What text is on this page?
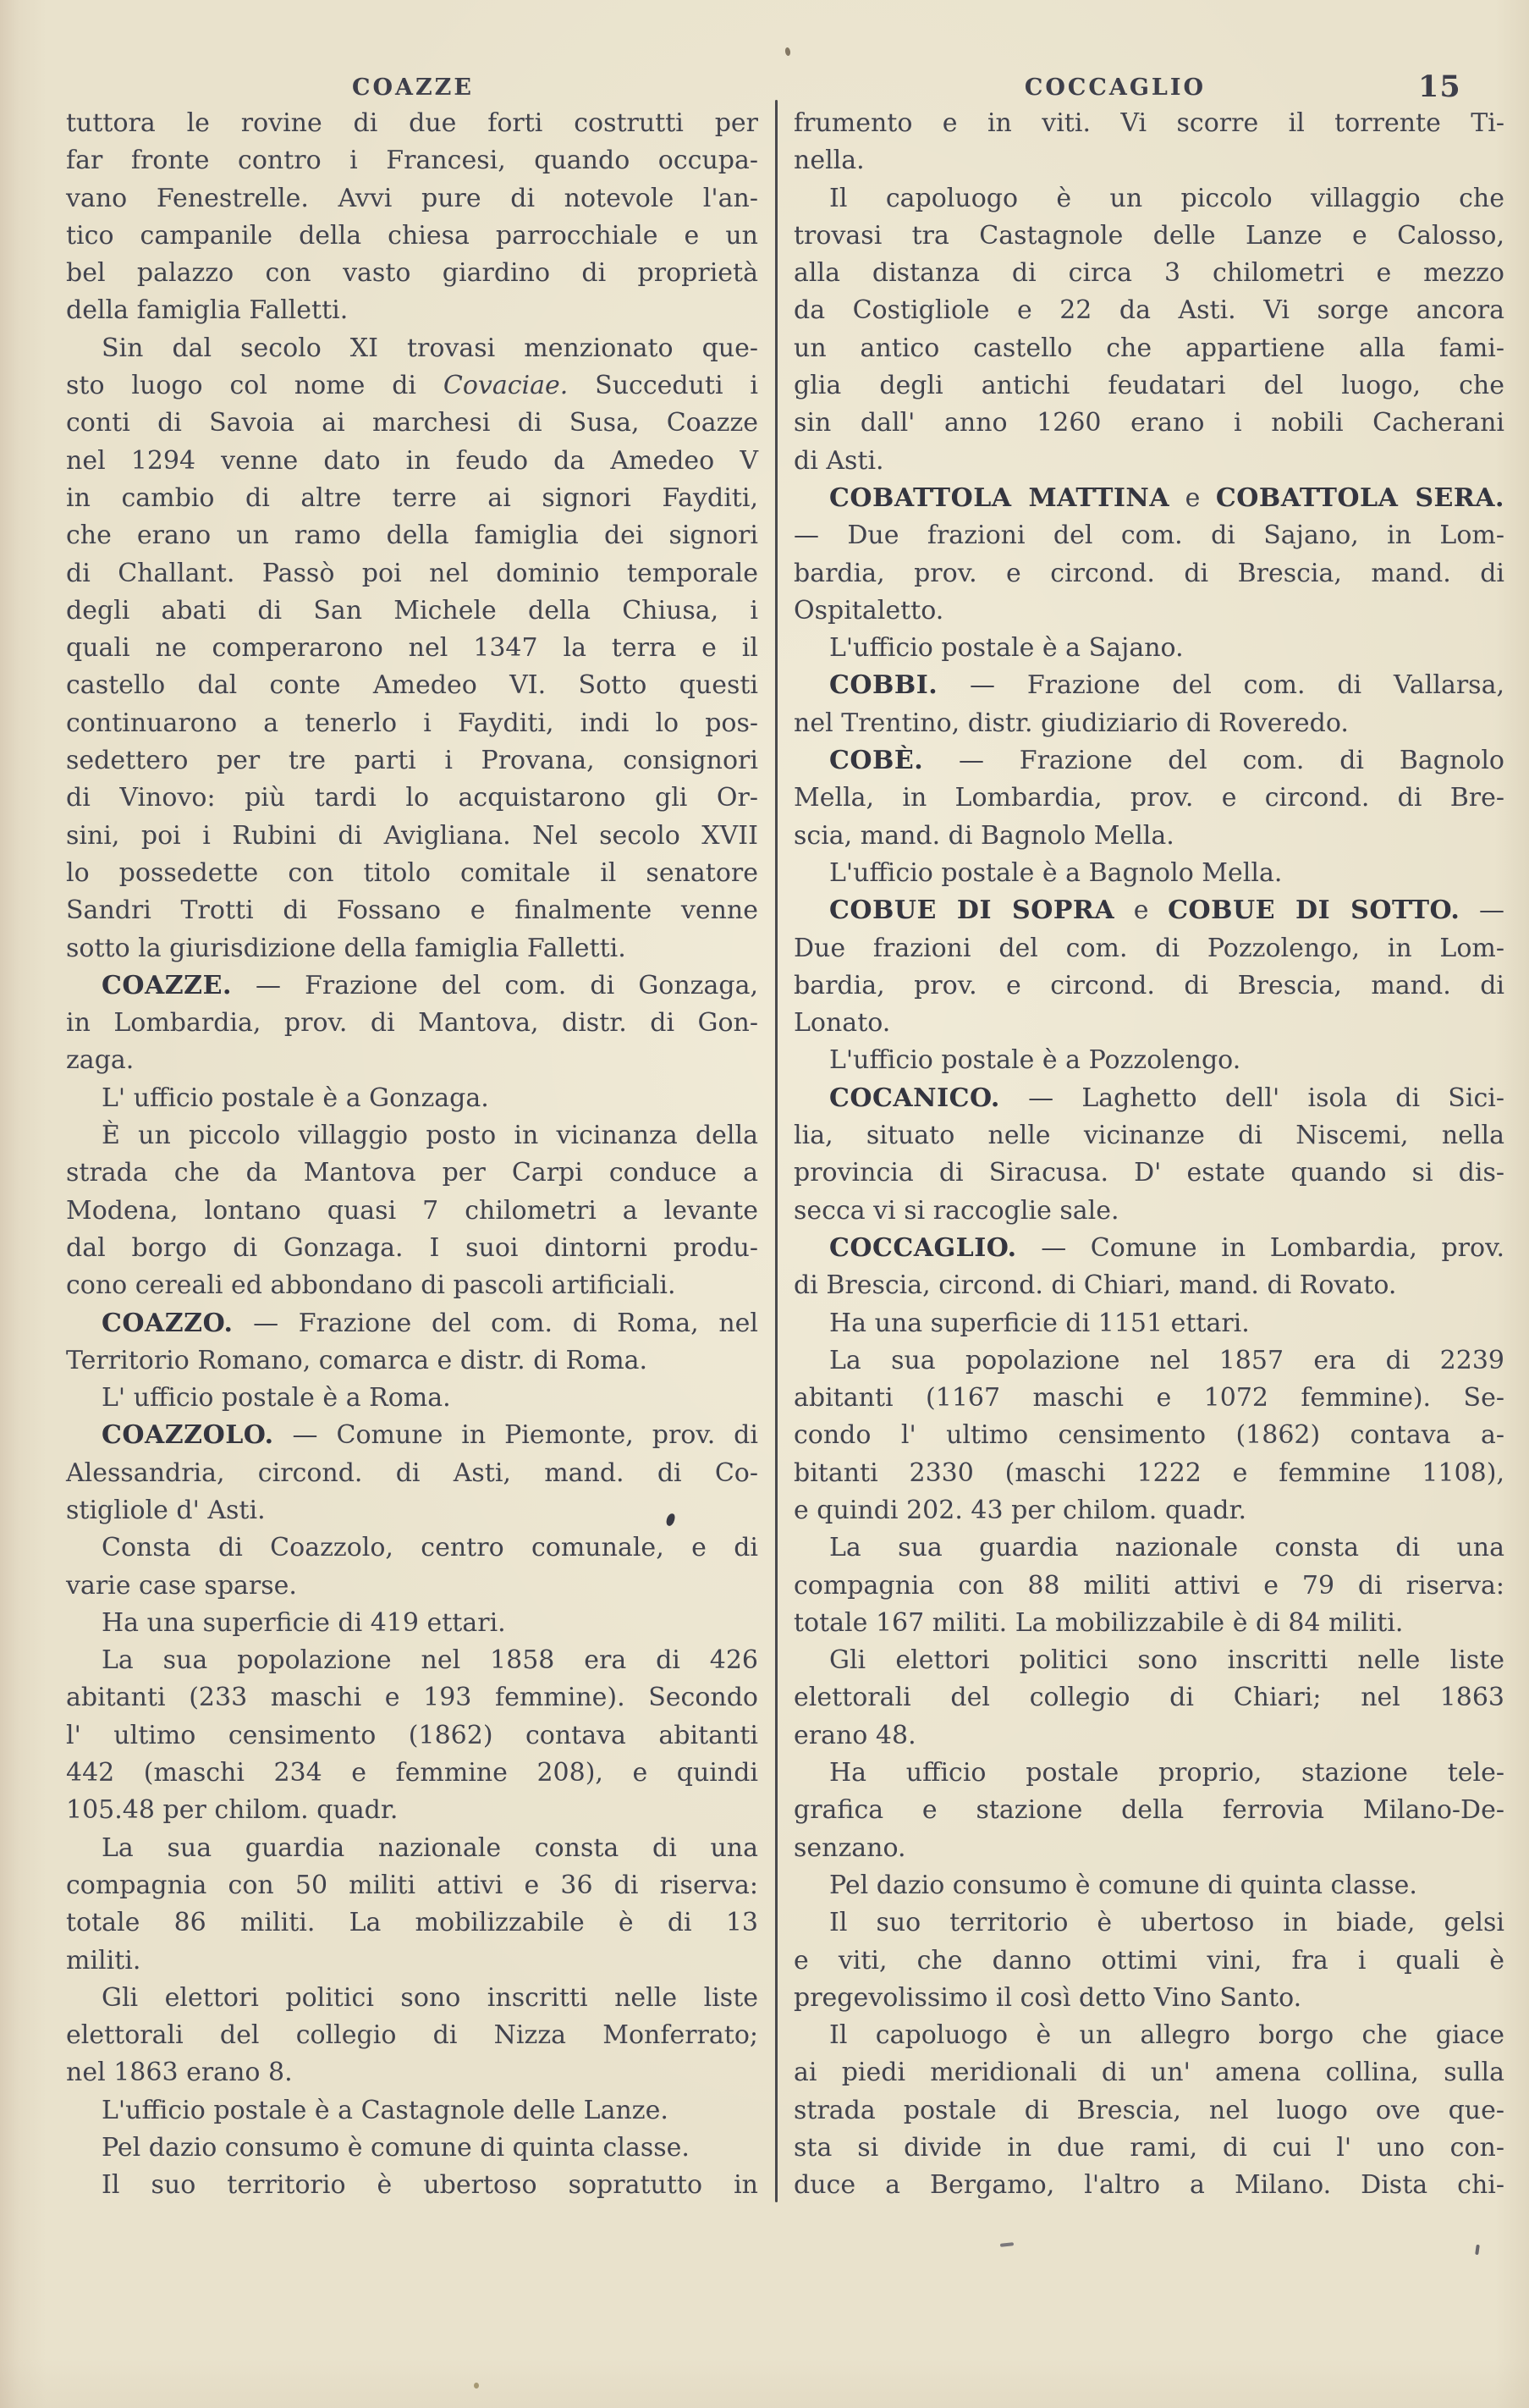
COAZZE	COCCAGLIO	15
tuttora le rovine di due forti costrutti per
far fronte contro i Francesi, quando occupa-
vano Fenestrelle. Avvi pure di notevole l'an-
tico campanile della chiesa parrocchiale e un
bel palazzo con vasto giardino di proprietà
della famiglia Falletti.
Sin dal secolo XI trovasi menzionato que-
sto luogo col nome di Covaciae. Succeduti i
conti di Savoia ai marchesi di Susa, Coazze
nel 1294 venne dato in feudo da Amedeo V
in cambio di altre terre ai signori Fayditi,
che erano un ramo della famiglia dei signori
di Challant. Passò poi nel dominio temporale
degli abati di San Michele della Chiusa, i
quali ne comperarono nel 1347 la terra e il
castello dal conte Amedeo VI. Sotto questi
continuarono a tenerlo i Fayditi, indi lo pos-
sedettero per tre parti i Provana, consignori
di Vinovo: più tardi lo acquistarono gli Or-
sini, poi i Rubini di Avigliana. Nel secolo XVII
lo possedette con titolo comitale il senatore
Sandri Trotti di Fossano e finalmente venne
sotto la giurisdizione della famiglia Falletti.
COAZZE. — Frazione del com. di Gonzaga,
in Lombardia, prov. di Mantova, distr. di Gon-
zaga.
L' ufficio postale è a Gonzaga.
È un piccolo villaggio posto in vicinanza della
strada che da Mantova per Carpi conduce a
Modena, lontano quasi 7 chilometri a levante
dal borgo di Gonzaga. I suoi dintorni produ-
cono cereali ed abbondano di pascoli artificiali.
COAZZO. — Frazione del com. di Roma, nel
Territorio Romano, comarca e distr. di Roma.
L' ufficio postale è a Roma.
COAZZOLO. — Comune in Piemonte, prov. di
Alessandria, circond. di Asti, mand. di Co-
stigliole d' Asti.
Consta di Coazzolo, centro comunale, e di
varie case sparse.
Ha una superficie di 419 ettari.
La sua popolazione nel 1858 era di 426
abitanti (233 maschi e 193 femmine). Secondo
l' ultimo censimento (1862) contava abitanti
442 (maschi 234 e femmine 208), e quindi
105.48 per chilom. quadr.
La sua guardia nazionale consta di una
compagnia con 50 militi attivi e 36 di riserva:
totale 86 militi. La mobilizzabile è di 13
militi.
Gli elettori politici sono inscritti nelle liste
elettorali del collegio di Nizza Monferrato;
nel 1863 erano 8.
L'ufficio postale è a Castagnole delle Lanze.
Pel dazio consumo è comune di quinta classe.
Il suo territorio è ubertoso sopratutto in
frumento e in viti. Vi scorre il torrente Ti-
nella.
Il capoluogo è un piccolo villaggio che
trovasi tra Castagnole delle Lanze e Calosso,
alla distanza di circa 3 chilometri e mezzo
da Costigliole e 22 da Asti. Vi sorge ancora
un antico castello che appartiene alla fami-
glia degli antichi feudatari del luogo, che
sin dall' anno 1260 erano i nobili Cacherani
di Asti.
COBATTOLA MATTINA e COBATTOLA SERA.
— Due frazioni del com. di Sajano, in Lom-
bardia, prov. e circond. di Brescia, mand. di
Ospitaletto.
L'ufficio postale è a Sajano.
COBBI. — Frazione del com. di Vallarsa,
nel Trentino, distr. giudiziario di Roveredo.
COBÈ. — Frazione del com. di Bagnolo
Mella, in Lombardia, prov. e circond. di Bre-
scia, mand. di Bagnolo Mella.
L'ufficio postale è a Bagnolo Mella.
COBUE DI SOPRA e COBUE DI SOTTO. —
Due frazioni del com. di Pozzolengo, in Lom-
bardia, prov. e circond. di Brescia, mand. di
Lonato.
L'ufficio postale è a Pozzolengo.
COCANICO. — Laghetto dell' isola di Sici-
lia, situato nelle vicinanze di Niscemi, nella
provincia di Siracusa. D' estate quando si dis-
secca vi si raccoglie sale.
COCCAGLIO. — Comune in Lombardia, prov.
di Brescia, circond. di Chiari, mand. di Rovato.
Ha una superficie di 1151 ettari.
La sua popolazione nel 1857 era di 2239
abitanti (1167 maschi e 1072 femmine). Se-
condo l' ultimo censimento (1862) contava a-
bitanti 2330 (maschi 1222 e femmine 1108),
e quindi 202. 43 per chilom. quadr.
La sua guardia nazionale consta di una
compagnia con 88 militi attivi e 79 di riserva:
totale 167 militi. La mobilizzabile è di 84 militi.
Gli elettori politici sono inscritti nelle liste
elettorali del collegio di Chiari; nel 1863
erano 48.
Ha ufficio postale proprio, stazione tele-
grafica e stazione della ferrovia Milano-De-
senzano.
Pel dazio consumo è comune di quinta classe.
Il suo territorio è ubertoso in biade, gelsi
e viti, che danno ottimi vini, fra i quali è
pregevolissimo il così detto Vino Santo.
Il capoluogo è un allegro borgo che giace
ai piedi meridionali di un' amena collina, sulla
strada postale di Brescia, nel luogo ove que-
sta si divide in due rami, di cui l' uno con-
duce a Bergamo, l'altro a Milano. Dista chi-
